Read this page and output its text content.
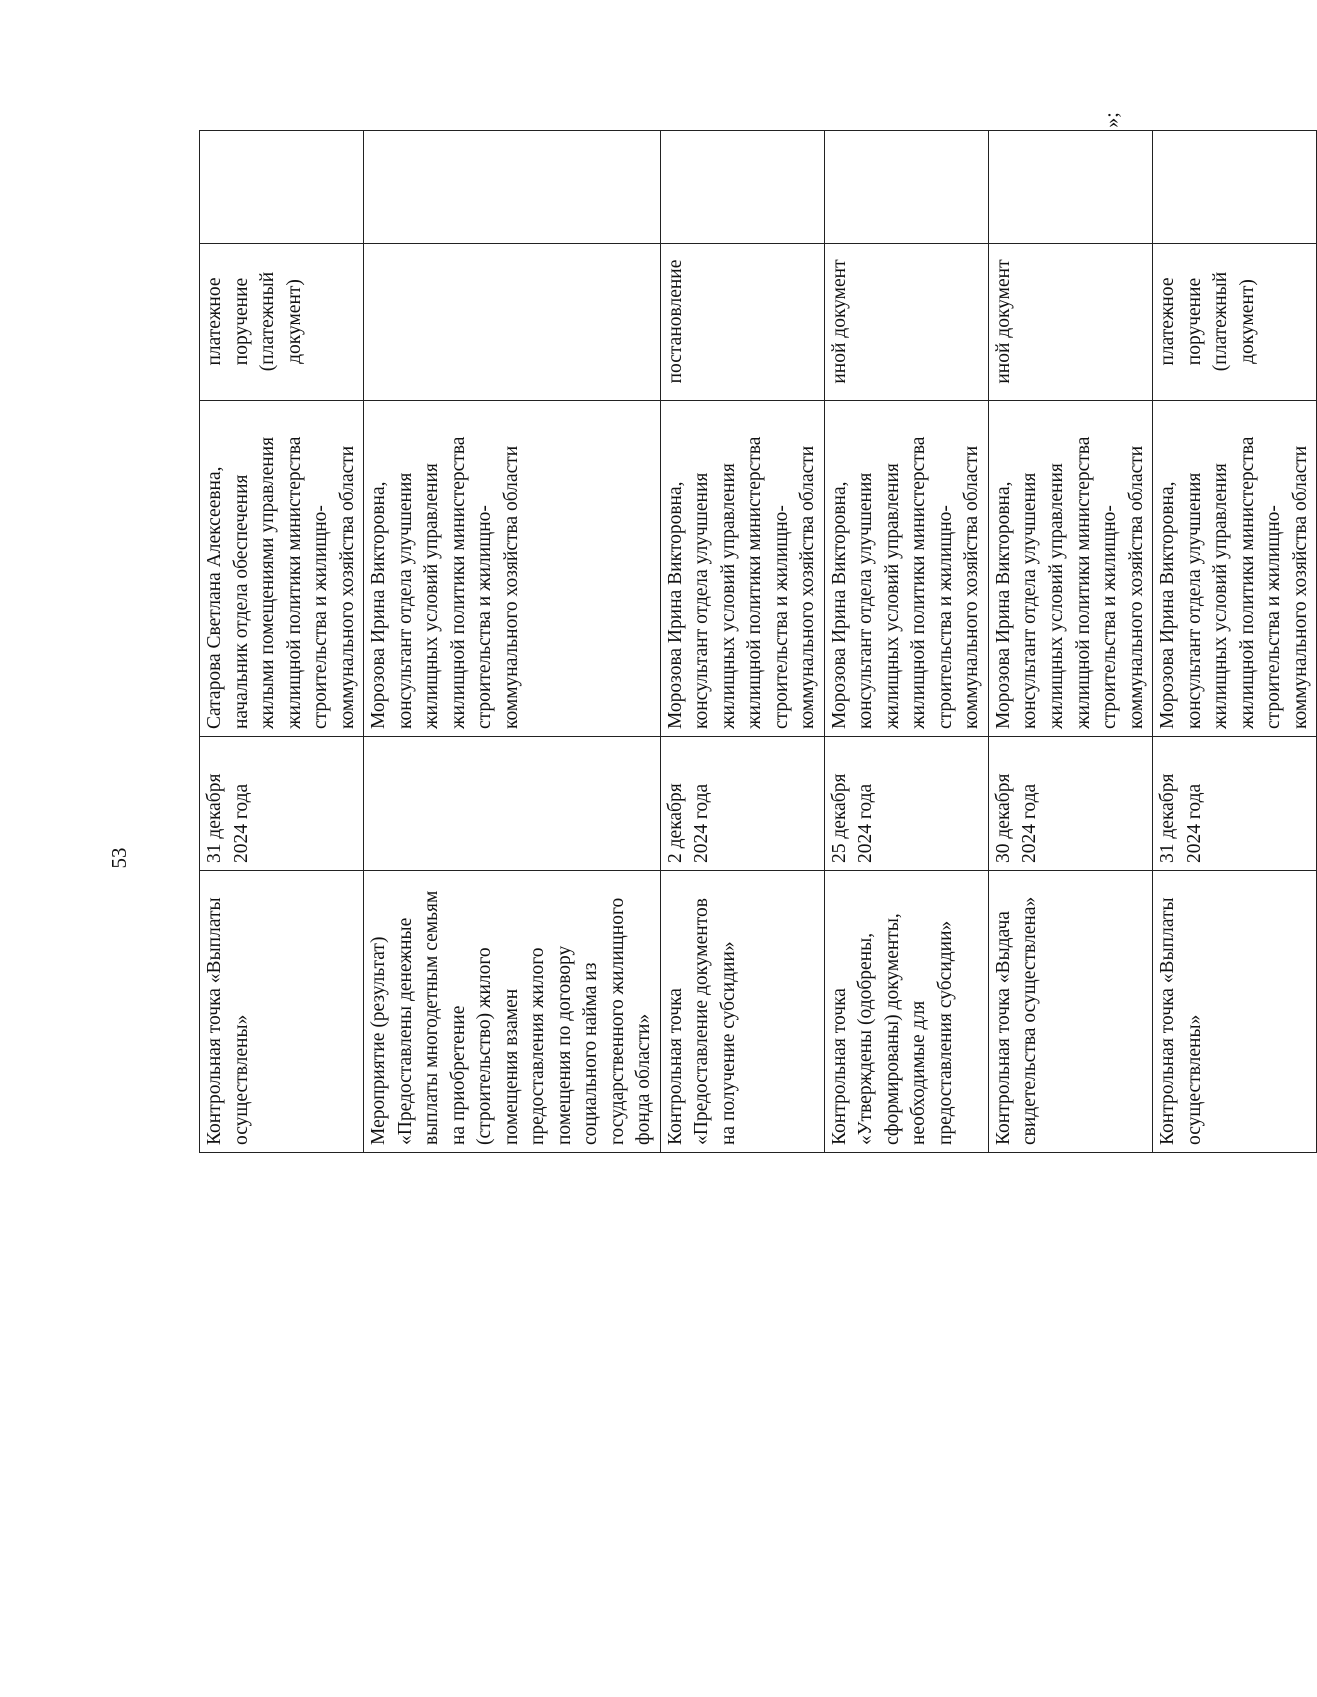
53
»;
Контрольная точка «Выплаты осуществлены»	31 декабря 2024 года	Сатарова Светлана Алексеевна, начальник отдела обеспечения жилыми помещениями управления жилищной политики министерства строительства и жилищно-коммунального хозяйства области	платежное поручение (платежный документ)	
Мероприятие (результат) «Предоставлены денежные выплаты многодетным семьям на приобретение (строительство) жилого помещения взамен предоставления жилого помещения по договору социального найма из государственного жилищного фонда области»		Морозова Ирина Викторовна, консультант отдела улучшения жилищных условий управления жилищной политики министерства строительства и жилищно-коммунального хозяйства области		
Контрольная точка «Предоставление документов на получение субсидии»	2 декабря 2024 года	Морозова Ирина Викторовна, консультант отдела улучшения жилищных условий управления жилищной политики министерства строительства и жилищно-коммунального хозяйства области	постановление	
Контрольная точка «Утверждены (одобрены, сформированы) документы, необходимые для предоставления субсидии»	25 декабря 2024 года	Морозова Ирина Викторовна, консультант отдела улучшения жилищных условий управления жилищной политики министерства строительства и жилищно-коммунального хозяйства области	иной документ	
Контрольная точка «Выдача свидетельства осуществлена»	30 декабря 2024 года	Морозова Ирина Викторовна, консультант отдела улучшения жилищных условий управления жилищной политики министерства строительства и жилищно-коммунального хозяйства области	иной документ	
Контрольная точка «Выплаты осуществлены»	31 декабря 2024 года	Морозова Ирина Викторовна, консультант отдела улучшения жилищных условий управления жилищной политики министерства строительства и жилищно-коммунального хозяйства области	платежное поручение (платежный документ)	
